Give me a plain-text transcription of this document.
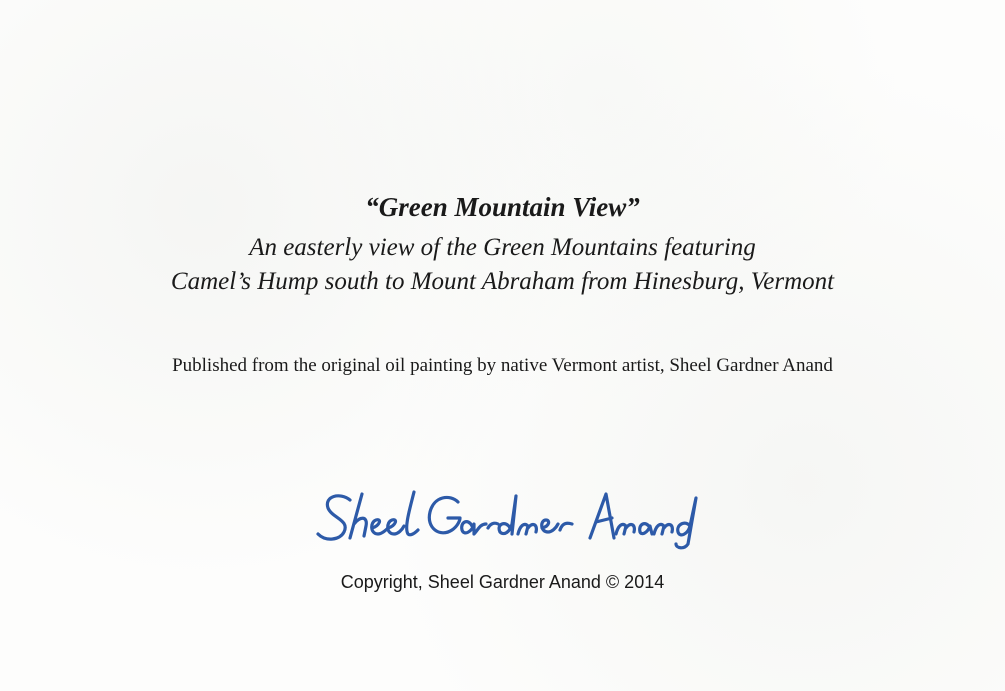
“Green Mountain View”

An easterly view of the Green Mountains featuring

Camel’s Hump south to Mount Abraham from Hinesburg, Vermont

Published from the original oil painting by native Vermont artist, Sheel Gardner Anand

Copyright, Sheel Gardner Anand © 2014
